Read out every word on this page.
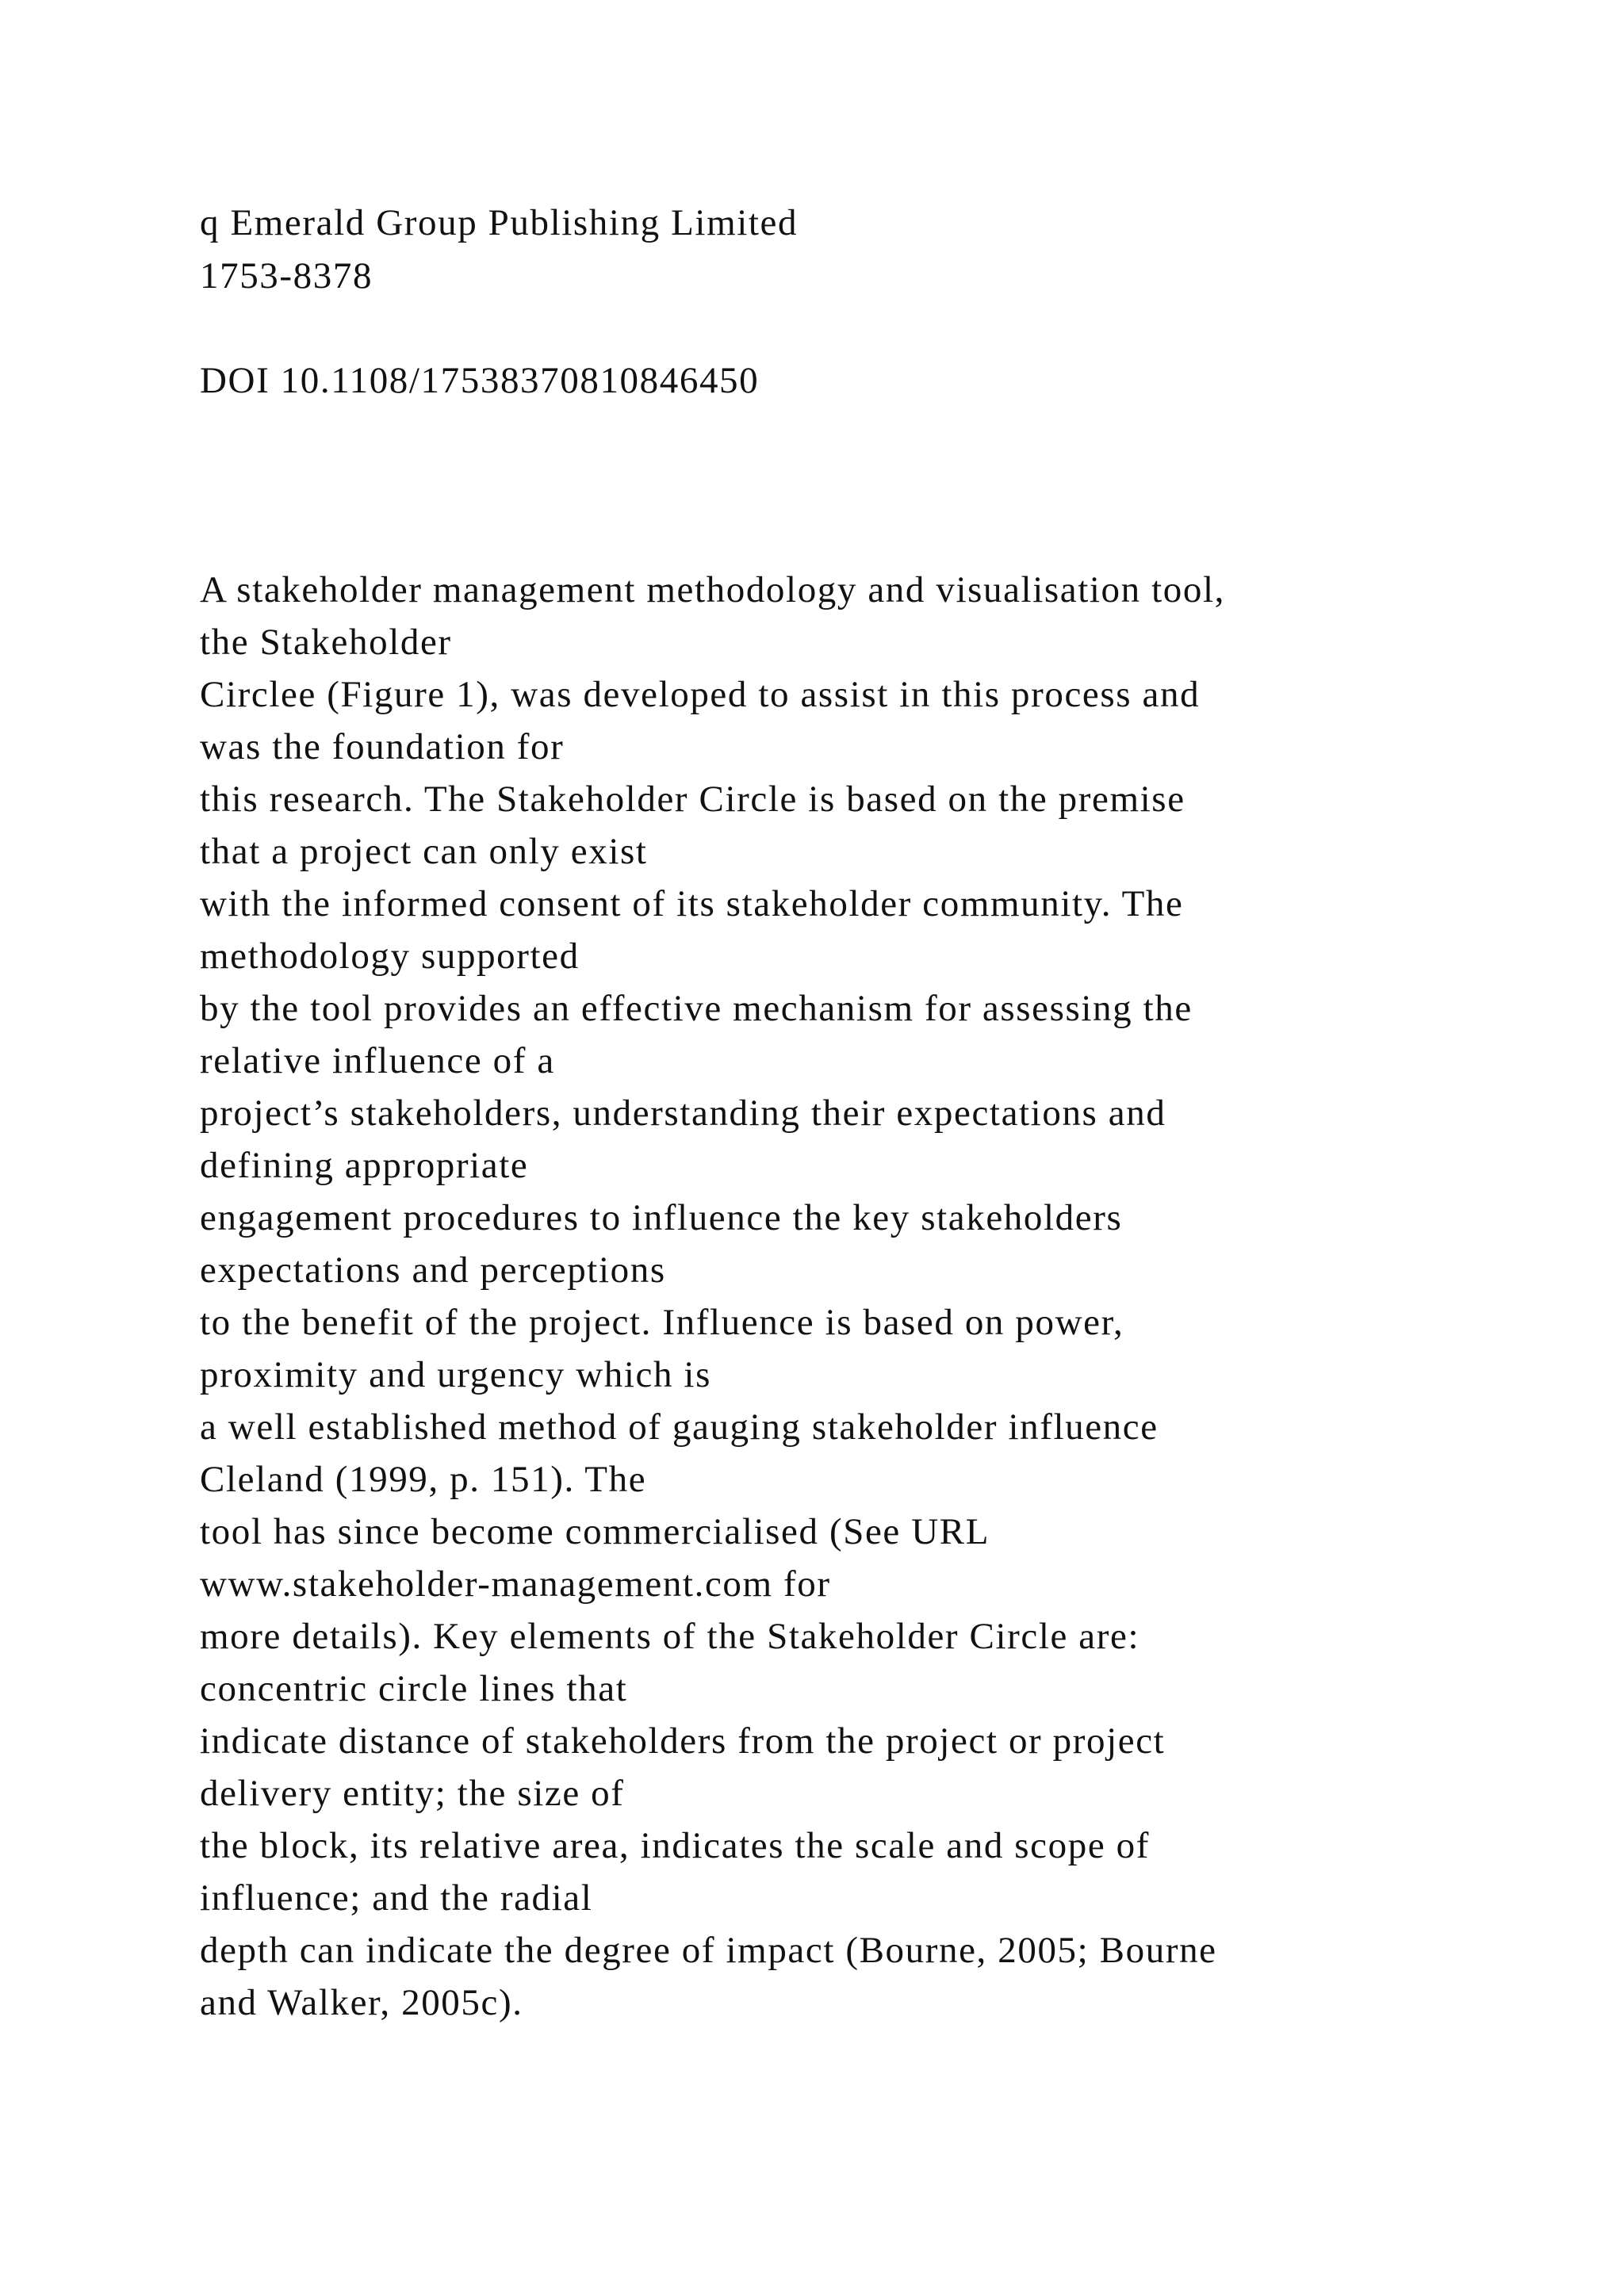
q Emerald Group Publishing Limited
1753-8378
DOI 10.1108/17538370810846450
A stakeholder management methodology and visualisation tool,
the Stakeholder
Circlee (Figure 1), was developed to assist in this process and
was the foundation for
this research. The Stakeholder Circle is based on the premise
that a project can only exist
with the informed consent of its stakeholder community. The
methodology supported
by the tool provides an effective mechanism for assessing the
relative influence of a
project’s stakeholders, understanding their expectations and
defining appropriate
engagement procedures to influence the key stakeholders
expectations and perceptions
to the benefit of the project. Influence is based on power,
proximity and urgency which is
a well established method of gauging stakeholder influence
Cleland (1999, p. 151). The
tool has since become commercialised (See URL
www.stakeholder-management.com for
more details). Key elements of the Stakeholder Circle are:
concentric circle lines that
indicate distance of stakeholders from the project or project
delivery entity; the size of
the block, its relative area, indicates the scale and scope of
influence; and the radial
depth can indicate the degree of impact (Bourne, 2005; Bourne
and Walker, 2005c).
